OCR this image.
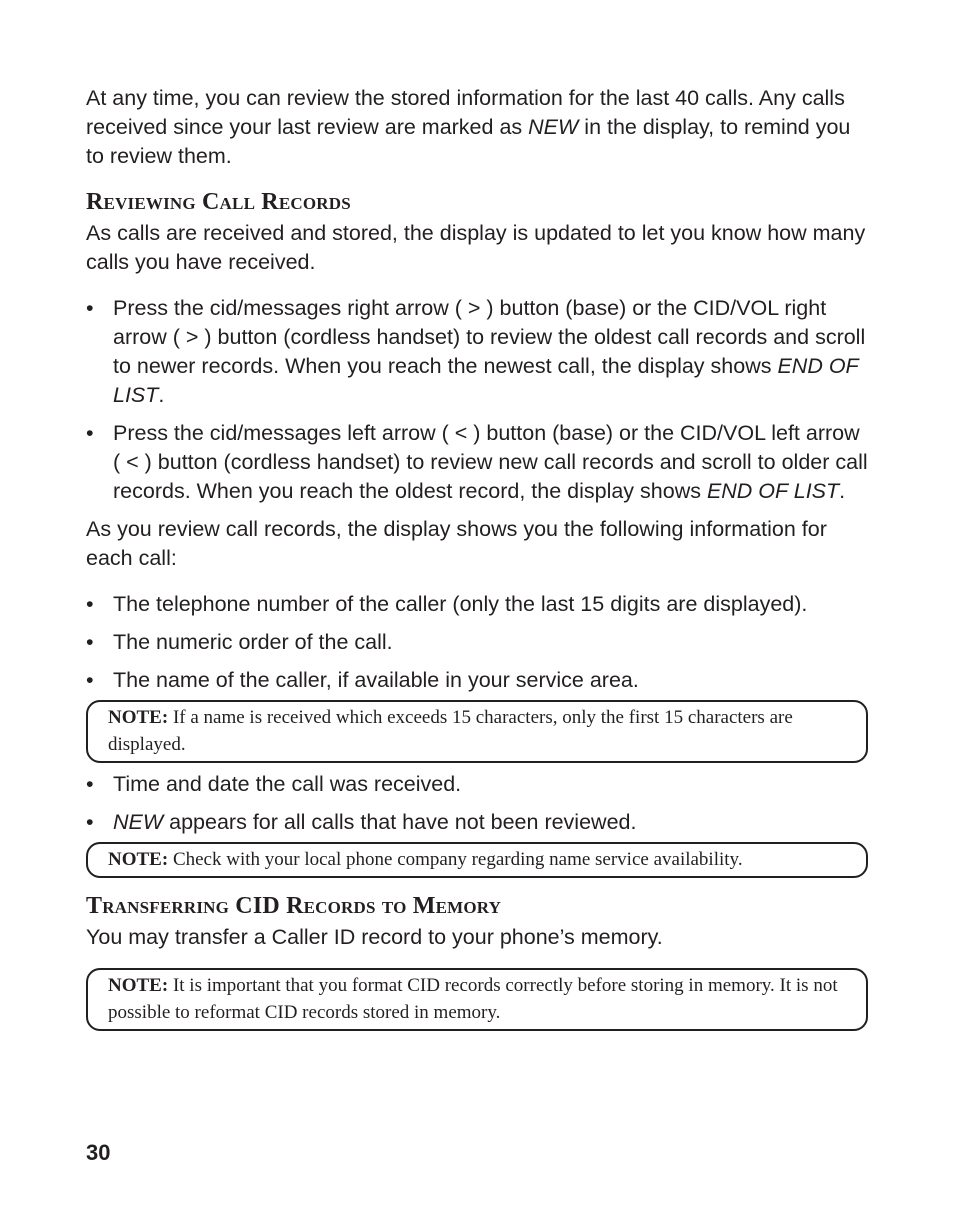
At any time, you can review the stored information for the last 40 calls. Any calls received since your last review are marked as NEW in the display, to remind you to review them.

Reviewing Call Records

As calls are received and stored, the display is updated to let you know how many calls you have received.

• Press the cid/messages right arrow ( > ) button (base) or the CID/VOL right arrow ( > ) button (cordless handset) to review the oldest call records and scroll to newer records. When you reach the newest call, the display shows END OF LIST.
• Press the cid/messages left arrow ( < ) button (base) or the CID/VOL left arrow ( < ) button (cordless handset) to review new call records and scroll to older call records. When you reach the oldest record, the display shows END OF LIST.

As you review call records, the display shows you the following information for each call:

• The telephone number of the caller (only the last 15 digits are displayed).
• The numeric order of the call.
• The name of the caller, if available in your service area.
NOTE: If a name is received which exceeds 15 characters, only the first 15 characters are displayed.
• Time and date the call was received.
• NEW appears for all calls that have not been reviewed.
NOTE: Check with your local phone company regarding name service availability.
Transferring CID Records to Memory

You may transfer a Caller ID record to your phone’s memory.

NOTE: It is important that you format CID records correctly before storing in memory. It is not possible to reformat CID records stored in memory.
30
